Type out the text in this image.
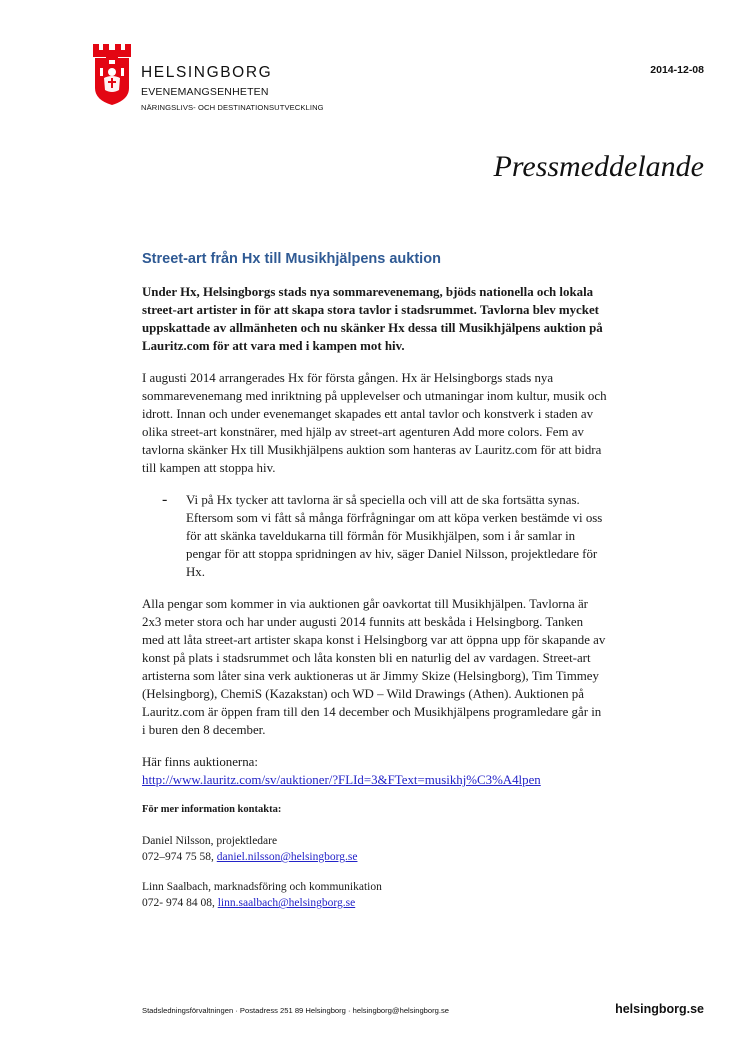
HELSINGBORG
EVENEMANGSENHETEN
NÄRINGSLIVS- OCH DESTINATIONSUTVECKLING
2014-12-08
Pressmeddelande
Street-art från Hx till Musikhjälpens auktion

Under Hx, Helsingborgs stads nya sommarevenemang, bjöds nationella och lokala street-art artister in för att skapa stora tavlor i stadsrummet. Tavlorna blev mycket uppskattade av allmänheten och nu skänker Hx dessa till Musikhjälpens auktion på Lauritz.com för att vara med i kampen mot hiv.

I augusti 2014 arrangerades Hx för första gången. Hx är Helsingborgs stads nya sommarevenemang med inriktning på upplevelser och utmaningar inom kultur, musik och idrott. Innan och under evenemanget skapades ett antal tavlor och konstverk i staden av olika street-art konstnärer, med hjälp av street-art agenturen Add more colors. Fem av tavlorna skänker Hx till Musikhjälpens auktion som hanteras av Lauritz.com för att bidra till kampen att stoppa hiv.

- Vi på Hx tycker att tavlorna är så speciella och vill att de ska fortsätta synas. Eftersom som vi fått så många förfrågningar om att köpa verken bestämde vi oss för att skänka taveldukarna till förmån för Musikhjälpen, som i år samlar in pengar för att stoppa spridningen av hiv, säger Daniel Nilsson, projektledare för Hx.

Alla pengar som kommer in via auktionen går oavkortat till Musikhjälpen. Tavlorna är 2x3 meter stora och har under augusti 2014 funnits att beskåda i Helsingborg. Tanken med att låta street-art artister skapa konst i Helsingborg var att öppna upp för skapande av konst på plats i stadsrummet och låta konsten bli en naturlig del av vardagen. Street-art artisterna som låter sina verk auktioneras ut är Jimmy Skize (Helsingborg), Tim Timmey (Helsingborg), ChemiS (Kazakstan) och WD – Wild Drawings (Athen). Auktionen på Lauritz.com är öppen fram till den 14 december och Musikhjälpens programledare går in i buren den 8 december.

Här finns auktionerna:

http://www.lauritz.com/sv/auktioner/?FLId=3&FText=musikhj%C3%A4lpen

För mer information kontakta:

Daniel Nilsson, projektledare
072–974 75 58, daniel.nilsson@helsingborg.se
Linn Saalbach, marknadsföring och kommunikation
072- 974 84 08, linn.saalbach@helsingborg.se
Stadsledningsförvaltningen · Postadress 251 89 Helsingborg · helsingborg@helsingborg.se	helsingborg.se
